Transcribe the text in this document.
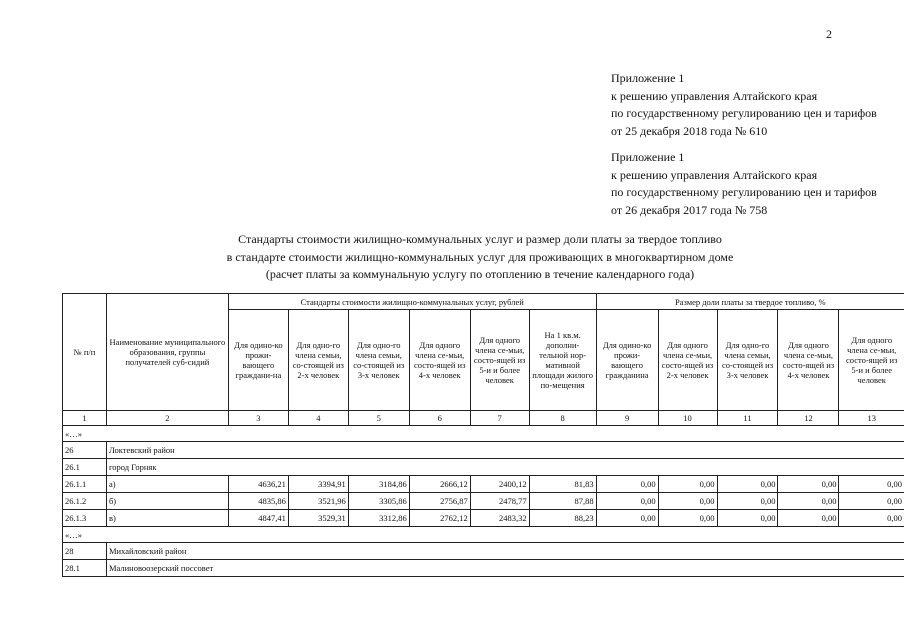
2
Приложение 1
к решению управления Алтайского края
по государственному регулированию цен и тарифов
от 25 декабря 2018 года № 610
Приложение 1
к решению управления Алтайского края
по государственному регулированию цен и тарифов
от 26 декабря 2017 года № 758
Стандарты стоимости жилищно-коммунальных услуг и размер доли платы за твердое топливо
в стандарте стоимости жилищно-коммунальных услуг для проживающих в многоквартирном доме
(расчет платы за коммунальную услугу по отоплению в течение календарного года)
№ п/п	Наименование муниципального образования, группы получателей суб-сидий	Стандарты стоимости жилищно-коммунальных услуг, рублей						Размер доли платы за твердое топливо, %				
		Для одино-ко прожи-вающего граждани-на	Для одно-го члена семьи, со-стоящей из 2-х человек	Для одно-го члена семьи, со-стоящей из 3-х человек	Для одного члена се-мьи, состо-ящей из 4-х человек	Для одного члена се-мьи, состо-ящей из 5-и и более человек	На 1 кв.м. дополни-тельной нор-мативной площади жилого по-мещения	Для одино-ко прожи-вающего гражданина	Для одного члена се-мьи, состо-ящей из 2-х человек	Для одно-го члена семьи, со-стоящей из 3-х человек	Для одного члена се-мьи, состо-ящей из 4-х человек	Для одного члена се-мьи, состо-ящей из 5-и и более человек
1	2	3	4	5	6	7	8	9	10	11	12	13
«…»												
26	Локтевский район											
26.1	город Горняк											
26.1.1	а)	4636,21	3394,91	3184,86	2666,12	2400,12	81,83	0,00	0,00	0,00	0,00	0,00
26.1.2	б)	4835,86	3521,96	3305,86	2756,87	2478,77	87,88	0,00	0,00	0,00	0,00	0,00
26.1.3	в)	4847,41	3529,31	3312,86	2762,12	2483,32	88,23	0,00	0,00	0,00	0,00	0,00
«…»												
28	Михайловский район											
28.1	Малиновоозерский поссовет											
